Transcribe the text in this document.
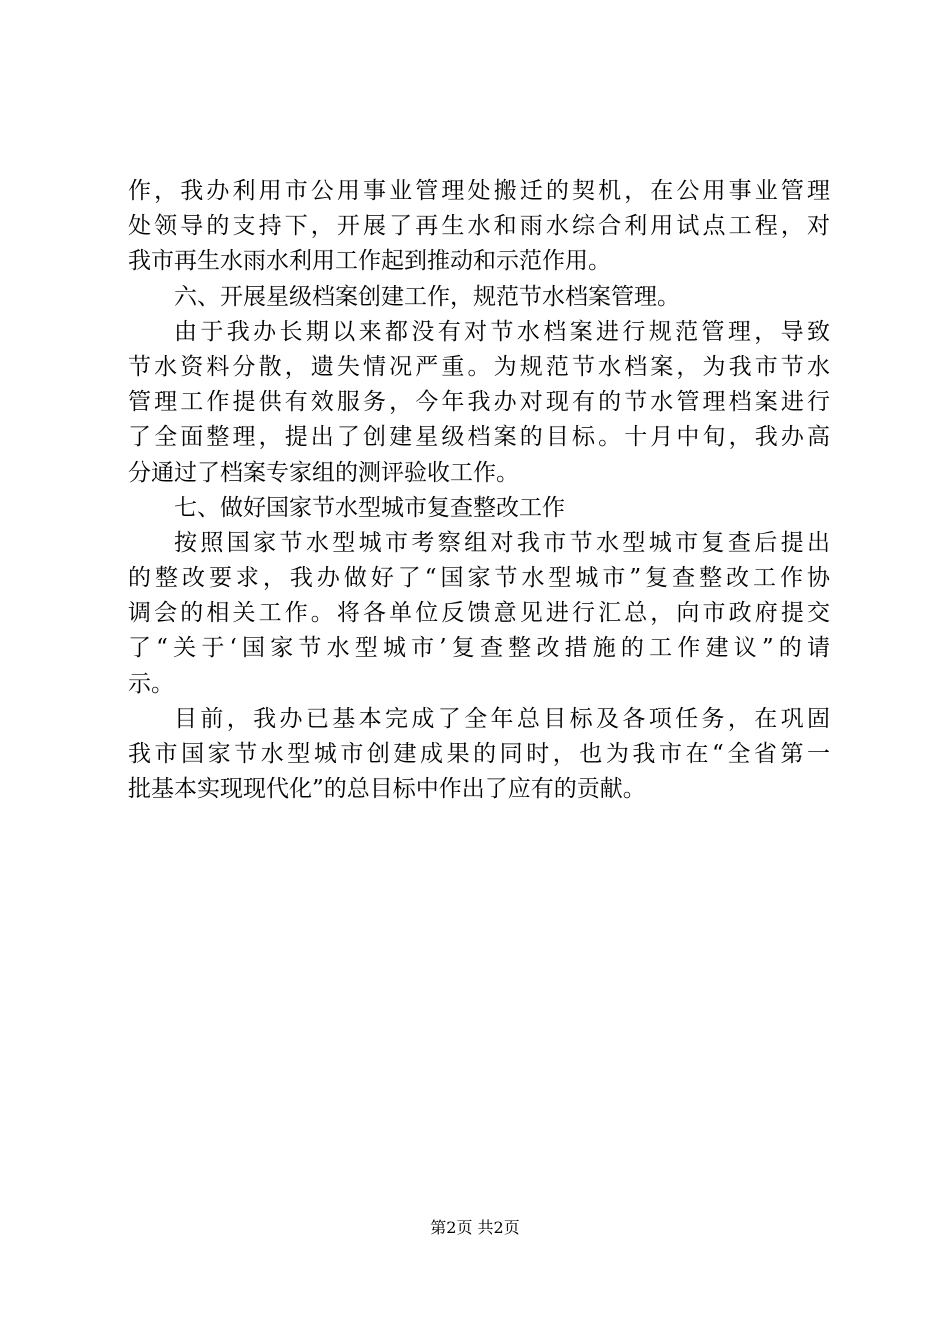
作，我办利用市公用事业管理处搬迁的契机，在公用事业管理
处领导的支持下，开展了再生水和雨水综合利用试点工程，对
我市再生水雨水利用工作起到推动和示范作用。
六、开展星级档案创建工作，规范节水档案管理。
由于我办长期以来都没有对节水档案进行规范管理，导致
节水资料分散，遗失情况严重。为规范节水档案，为我市节水
管理工作提供有效服务，今年我办对现有的节水管理档案进行
了全面整理，提出了创建星级档案的目标。十月中旬，我办高
分通过了档案专家组的测评验收工作。
七、做好国家节水型城市复查整改工作
按照国家节水型城市考察组对我市节水型城市复查后提出
的整改要求，我办做好了“国家节水型城市”复查整改工作协
调会的相关工作。将各单位反馈意见进行汇总，向市政府提交
了“关于‘国家节水型城市’复查整改措施的工作建议”的请
示。
目前，我办已基本完成了全年总目标及各项任务，在巩固
我市国家节水型城市创建成果的同时，也为我市在“全省第一
批基本实现现代化”的总目标中作出了应有的贡献。
第2页 共2页
